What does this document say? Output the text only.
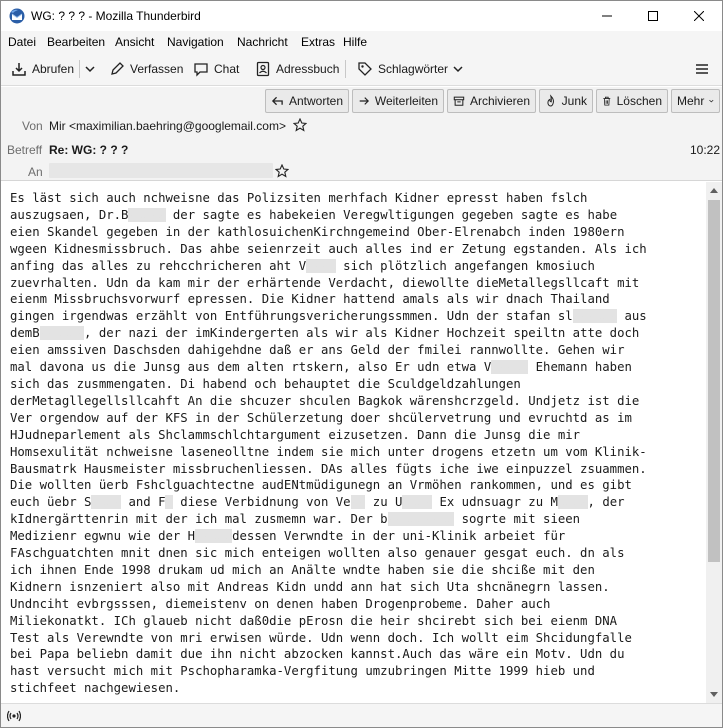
WG: ? ? ? - Mozilla Thunderbird
Datei Bearbeiten Ansicht Navigation Nachricht Extras Hilfe
Abrufen	Verfassen	Chat	Adressbuch	Schlagwörter
Antworten	Weiterleiten	Archivieren	Junk Löschen Mehr
Von Mir <maximilian.baehring@googlemail.com>
Betreff Re: WG: ? ? ?	10:22
An
Es läst sich auch nchweisne das Polizsiten merhfach Kidner epresst haben fslch
auszugsaen, Dr.Bxxxxx der sagte es habekeien Veregwltigungen gegeben sagte es habe
eien Skandel gegeben in der kathlosuichenKirchngemeind Ober-Elrenabch inden 1980ern
wgeen Kidnesmissbruch. Das ahbe seienrzeit auch alles ind er Zetung egstanden. Als ich
anfing das alles zu rehcchricheren aht Vxxxx sich plötzlich angefangen kmosiuch
zuevrhalten. Udn da kam mir der erhärtende Verdacht, diewollte dieMetallegsllcaft mit
eienm Missbruchsvorwurf epressen. Die Kidner hattend amals als wir dnach Thailand
gingen irgendwas erzählt von Entführungsvericherungssmmen. Udn der stafan slxxxxxx aus
demBxxxxxx, der nazi der imKindergerten als wir als Kidner Hochzeit speiltn atte doch
eien amssiven Daschsden dahigehdne daß er ans Geld der fmilei rannwollte. Gehen wir
mal davona us die Junsg aus dem alten rtskern, also Er udn etwa Vxxxxx Ehemann haben
sich das zusmmengaten. Di habend och behauptet die Sculdgeldzahlungen
derMetagllegellsllcahft An die shcuzer shculen Bagkok wärenshcrzgeld. Undjetz ist die
Ver orgendow auf der KFS in der Schülerzetung doer shcülervetrung und evruchtd as im
HJudneparlement als Shclammschlchtargument eizusetzen. Dann die Junsg die mir
Homsexulität nchweisne laseneolltne indem sie mich unter drogens etzetn um vom Klinik-
Bausmatrk Hausmeister missbruchenliessen. DAs alles fügts iche iwe einpuzzel zsuammen.
Die wollten üerb Fshclguachtectne audENtmüdigunegn an Vrmöhen rankommen, und es gibt
euch üebr Sxxxx and Fx diese Verbidnung von Vexx zu Uxxxx Ex udnsuagr zu Mxxxx, der
kIdnergärttenrin mit der ich mal zusmemn war. Der bxxxxxxxxx sogrte mit sieen
Medizienr egwnu wie der Hxxxxxdessen Verwndte in der uni-Klinik arbeiet für
FAschguatchten mnit dnen sic mich enteigen wollten also genauer gesgat euch. dn als
ich ihnen Ende 1998 drukam ud mich an Anälte wndte haben sie die shciße mit den
Kidnern isnzeniert also mit Andreas Kidn undd ann hat sich Uta shcnänegrn lassen.
Undnciht evbrgsssen, diemeistenv on denen haben Drogenprobeme. Daher auch
Miliekonatkt. ICh glaueb nicht daß0die pErosn die heir shcirebt sich bei eienm DNA
Test als Verewndte von mri erwisen würde. Udn wenn doch. Ich wollt eim Shcidungfalle
bei Papa beliebn damit due ihn nicht abzocken kannst.Auch das wäre ein Motv. Udn du
hast versucht mich mit Pschopharamka-Vergfitung umzubringen Mitte 1999 hieb und
stichfeet nachgewiesen.
